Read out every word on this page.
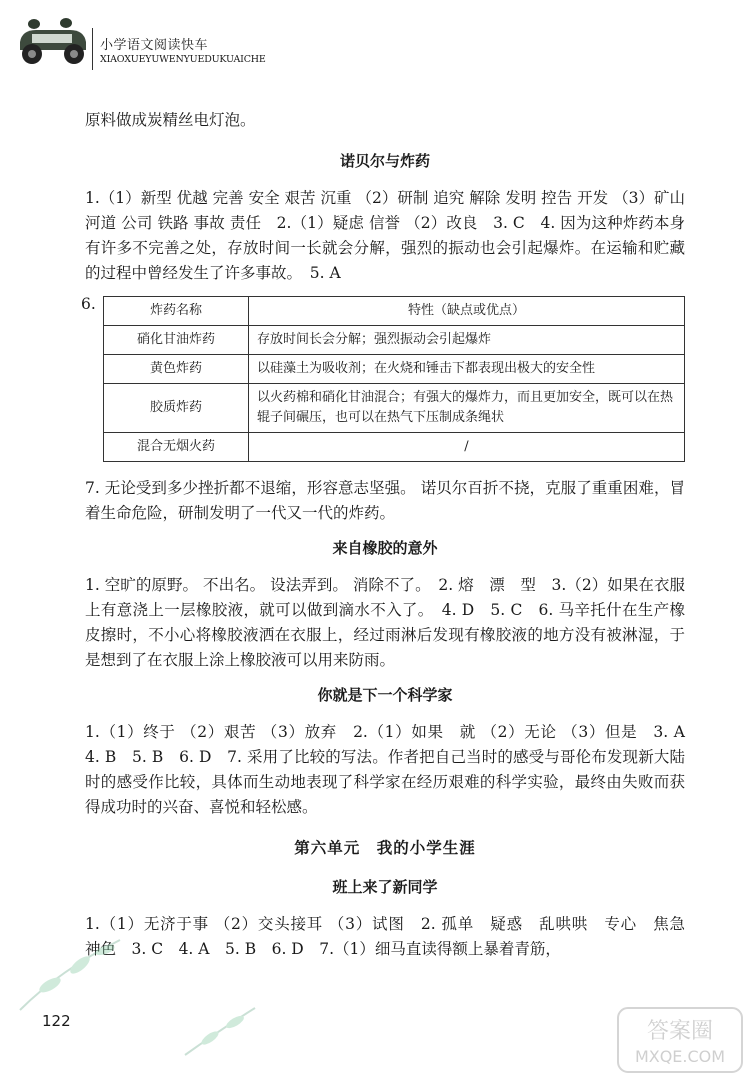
小学语文阅读快车
XIAOXUEYUWENYUEDUKUAICHE

原料做成炭精丝电灯泡。

诺贝尔与炸药

1.（1）新型 优越 完善 安全 艰苦 沉重 （2）研制 追究 解除 发明 控告 开发 （3）矿山 河道 公司 铁路 事故 责任　2.（1）疑虑 信誉 （2）改良　3. C　4. 因为这种炸药本身有许多不完善之处，存放时间一长就会分解，强烈的振动也会引起爆炸。在运输和贮藏的过程中曾经发生了许多事故。　5. A

6.	炸药名称	特性（缺点或优点）
硝化甘油炸药	存放时间长会分解；强烈振动会引起爆炸
黄色炸药	以硅藻土为吸收剂；在火烧和锤击下都表现出极大的安全性
胶质炸药	以火药棉和硝化甘油混合；有强大的爆炸力，而且更加安全，既可以在热辊子间碾压，也可以在热气下压制成条绳状
混合无烟火药	/

7. 无论受到多少挫折都不退缩，形容意志坚强。 诺贝尔百折不挠，克服了重重困难，冒着生命危险，研制发明了一代又一代的炸药。

来自橡胶的意外

1. 空旷的原野。 不出名。 设法弄到。 消除不了。　2. 熔　漂　型　3.（2）如果在衣服上有意浇上一层橡胶液，就可以做到滴水不入了。　4. D　5. C　6. 马辛托什在生产橡皮擦时，不小心将橡胶液洒在衣服上，经过雨淋后发现有橡胶液的地方没有被淋湿，于是想到了在衣服上涂上橡胶液可以用来防雨。

你就是下一个科学家

1.（1）终于 （2）艰苦 （3）放弃　2.（1）如果　就 （2）无论 （3）但是　3. A　4. B　5. B　6. D　7. 采用了比较的写法。作者把自己当时的感受与哥伦布发现新大陆时的感受作比较，具体而生动地表现了科学家在经历艰难的科学实验，最终由失败而获得成功时的兴奋、喜悦和轻松感。

第六单元　我的小学生涯
班上来了新同学

1.（1）无济于事 （2）交头接耳 （3）试图　2. 孤单　疑惑　乱哄哄　专心　焦急　神色　3. C　4. A　5. B　6. D　7.（1）细马直读得额上暴着青筋，

122	答案圈
MXQE.COM
